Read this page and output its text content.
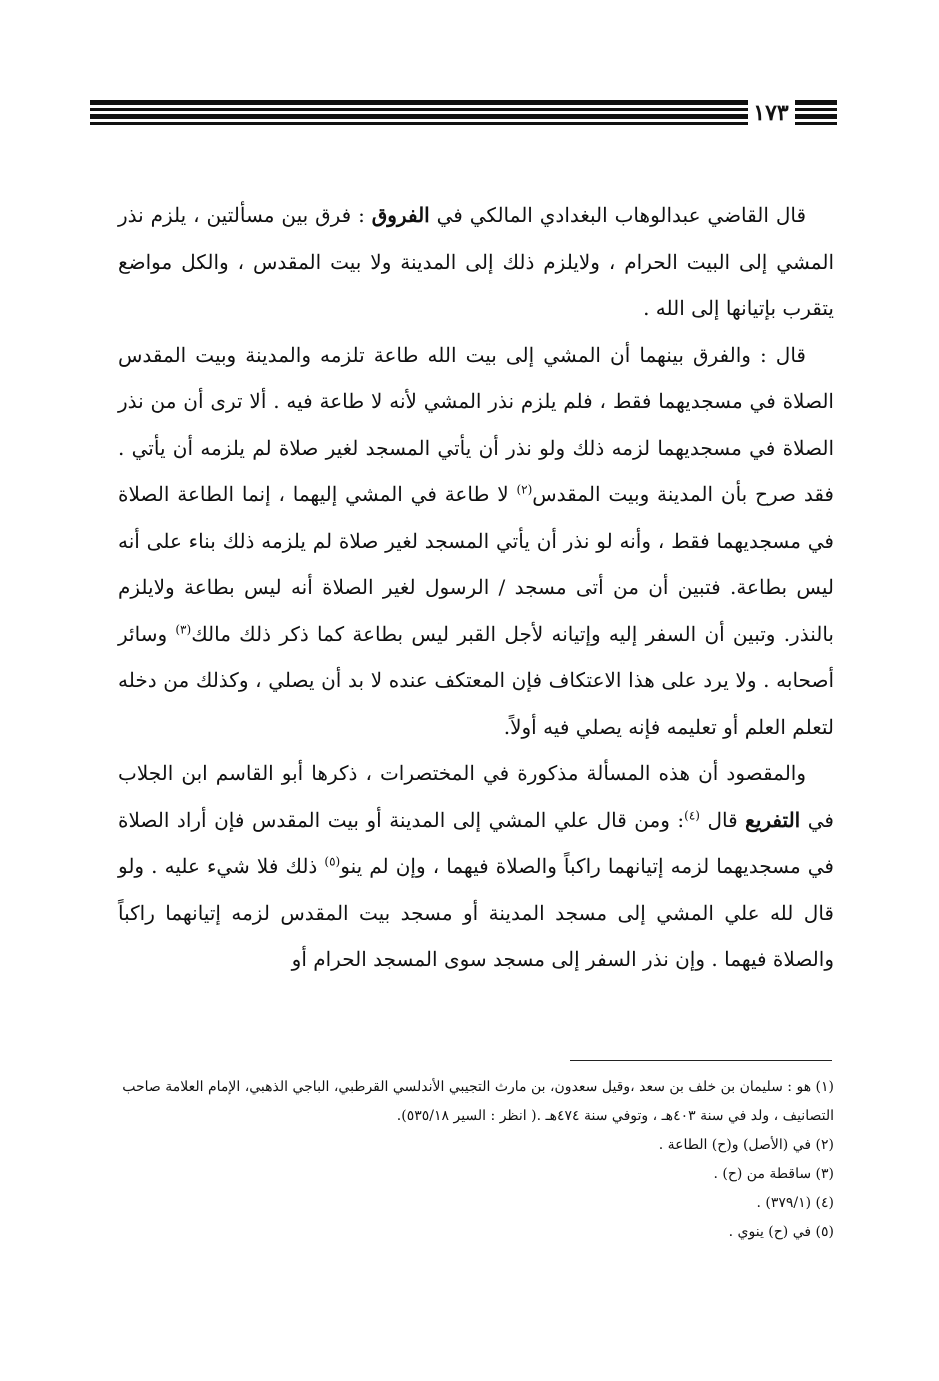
١٧٣

قال القاضي عبدالوهاب البغدادي المالكي في الفروق : فرق بين مسألتين ، يلزم نذر المشي إلى البيت الحرام ، ولايلزم ذلك إلى المدينة ولا بيت المقدس ، والكل مواضع يتقرب بإتيانها إلى الله .

قال : والفرق بينهما أن المشي إلى بيت الله طاعة تلزمه والمدينة وبيت المقدس الصلاة في مسجديهما فقط ، فلم يلزم نذر المشي لأنه لا طاعة فيه . ألا ترى أن من نذر الصلاة في مسجديهما لزمه ذلك ولو نذر أن يأتي المسجد لغير صلاة لم يلزمه أن يأتي . فقد صرح بأن المدينة وبيت المقدس$^{(٢)}$ لا طاعة في المشي إليهما ، إنما الطاعة الصلاة في مسجديهما فقط ، وأنه لو نذر أن يأتي المسجد لغير صلاة لم يلزمه ذلك بناء على أنه ليس بطاعة. فتبين أن من أتى مسجد / الرسول لغير الصلاة أنه ليس بطاعة ولايلزم بالنذر. وتبين أن السفر إليه وإتيانه لأجل القبر ليس بطاعة كما ذكر ذلك مالك$^{(٣)}$ وسائر أصحابه . ولا يرد على هذا الاعتكاف فإن المعتكف عنده لا بد أن يصلي ، وكذلك من دخله لتعلم العلم أو تعليمه فإنه يصلي فيه أولاً.

والمقصود أن هذه المسألة مذكورة في المختصرات ، ذكرها أبو القاسم ابن الجلاب في التفريع قال $^{(٤)}$: ومن قال علي المشي إلى المدينة أو بيت المقدس فإن أراد الصلاة في مسجديهما لزمه إتيانهما راكباً والصلاة فيهما ، وإن لم ينو$^{(٥)}$ ذلك فلا شيء عليه . ولو قال لله علي المشي إلى مسجد المدينة أو مسجد بيت المقدس لزمه إتيانهما راكباً والصلاة فيهما . وإن نذر السفر إلى مسجد سوى المسجد الحرام أو

(١) هو : سليمان بن خلف بن سعد ،وقيل سعدون، بن مارث التجيبي الأندلسي القرطبي، الباجي الذهبي، الإمام العلامة صاحب التصانيف ، ولد في سنة ٤٠٣هـ ، وتوفي سنة ٤٧٤هـ .( انظر : السير ٥٣٥/١٨).

(٢) في (الأصل) و(ح) الطاعة .

(٣) ساقطة من (ح) .

(٤) (٣٧٩/١) .

(٥) في (ح) ينوي .
